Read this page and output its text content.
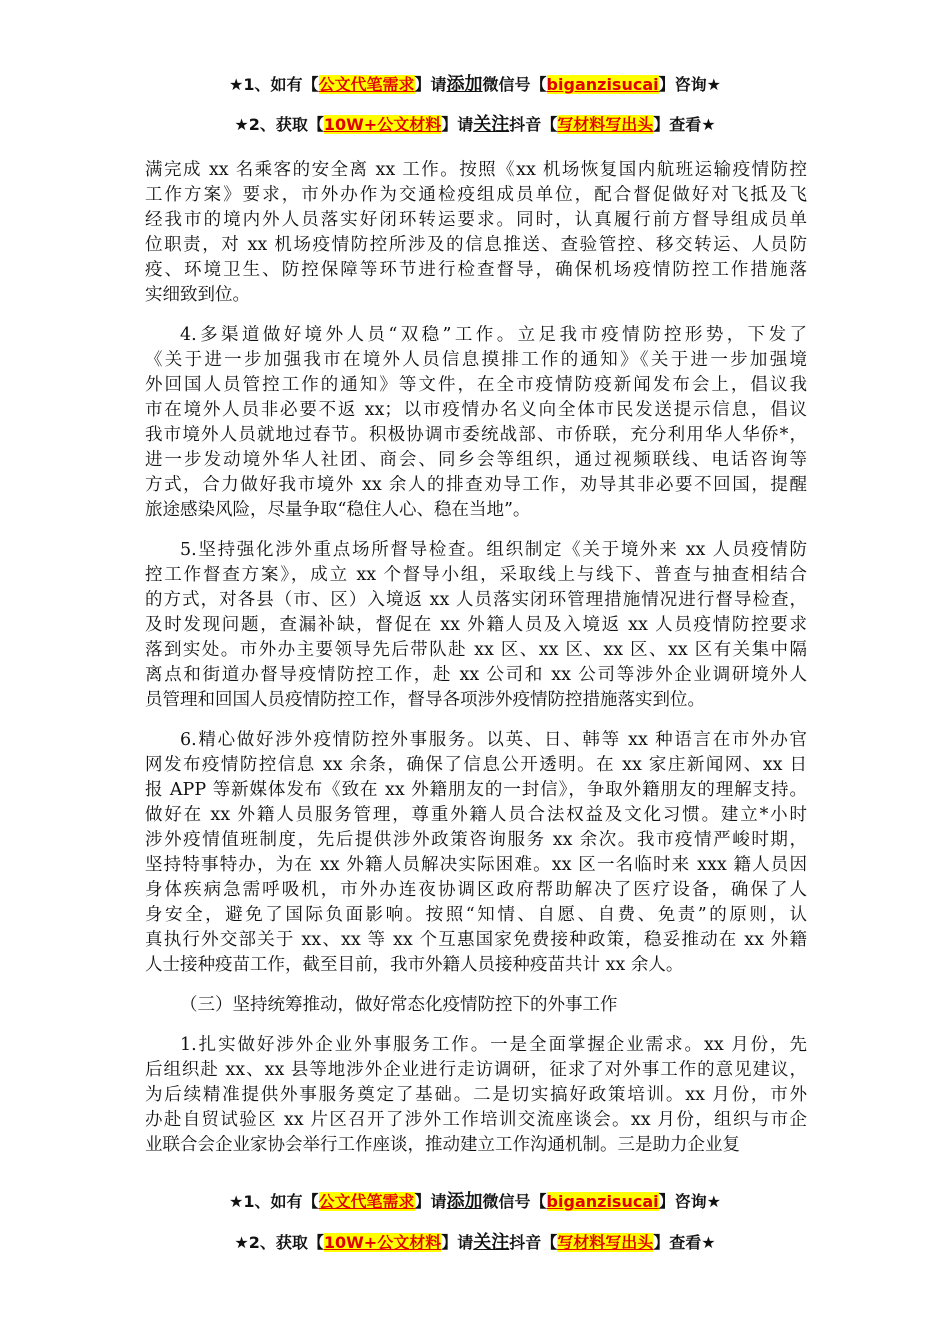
★1、如有【公文代笔需求】请添加微信号【biganzisucai】咨询★
★2、获取【10W+公文材料】请关注抖音【写材料写出头】查看★
满完成 xx 名乘客的安全离 xx 工作。按照《xx 机场恢复国内航班运输疫情防控
工作方案》要求，市外办作为交通检疫组成员单位，配合督促做好对飞抵及飞
经我市的境内外人员落实好闭环转运要求。同时，认真履行前方督导组成员单
位职责，对 xx 机场疫情防控所涉及的信息推送、查验管控、移交转运、人员防
疫、环境卫生、防控保障等环节进行检查督导，确保机场疫情防控工作措施落
实细致到位。
4.多渠道做好境外人员“双稳”工作。立足我市疫情防控形势，下发了
《关于进一步加强我市在境外人员信息摸排工作的通知》《关于进一步加强境
外回国人员管控工作的通知》等文件，在全市疫情防疫新闻发布会上，倡议我
市在境外人员非必要不返 xx；以市疫情办名义向全体市民发送提示信息，倡议
我市境外人员就地过春节。积极协调市委统战部、市侨联，充分利用华人华侨*，
进一步发动境外华人社团、商会、同乡会等组织，通过视频联线、电话咨询等
方式，合力做好我市境外 xx 余人的排查劝导工作，劝导其非必要不回国，提醒
旅途感染风险，尽量争取“稳住人心、稳在当地”。
5.坚持强化涉外重点场所督导检查。组织制定《关于境外来 xx 人员疫情防
控工作督查方案》，成立 xx 个督导小组，采取线上与线下、普查与抽查相结合
的方式，对各县（市、区）入境返 xx 人员落实闭环管理措施情况进行督导检查，
及时发现问题，查漏补缺，督促在 xx 外籍人员及入境返 xx 人员疫情防控要求
落到实处。市外办主要领导先后带队赴 xx 区、xx 区、xx 区、xx 区有关集中隔
离点和街道办督导疫情防控工作，赴 xx 公司和 xx 公司等涉外企业调研境外人
员管理和回国人员疫情防控工作，督导各项涉外疫情防控措施落实到位。
6.精心做好涉外疫情防控外事服务。以英、日、韩等 xx 种语言在市外办官
网发布疫情防控信息 xx 余条，确保了信息公开透明。在 xx 家庄新闻网、xx 日
报 APP 等新媒体发布《致在 xx 外籍朋友的一封信》，争取外籍朋友的理解支持。
做好在 xx 外籍人员服务管理，尊重外籍人员合法权益及文化习惯。建立*小时
涉外疫情值班制度，先后提供涉外政策咨询服务 xx 余次。我市疫情严峻时期，
坚持特事特办，为在 xx 外籍人员解决实际困难。xx 区一名临时来 xxx 籍人员因
身体疾病急需呼吸机，市外办连夜协调区政府帮助解决了医疗设备，确保了人
身安全，避免了国际负面影响。按照“知情、自愿、自费、免责”的原则，认
真执行外交部关于 xx、xx 等 xx 个互惠国家免费接种政策，稳妥推动在 xx 外籍
人士接种疫苗工作，截至目前，我市外籍人员接种疫苗共计 xx 余人。
（三）坚持统筹推动，做好常态化疫情防控下的外事工作
1.扎实做好涉外企业外事服务工作。一是全面掌握企业需求。xx 月份，先
后组织赴 xx、xx 县等地涉外企业进行走访调研，征求了对外事工作的意见建议，
为后续精准提供外事服务奠定了基础。二是切实搞好政策培训。xx 月份，市外
办赴自贸试验区 xx 片区召开了涉外工作培训交流座谈会。xx 月份，组织与市企
业联合会企业家协会举行工作座谈，推动建立工作沟通机制。三是助力企业复
★1、如有【公文代笔需求】请添加微信号【biganzisucai】咨询★
★2、获取【10W+公文材料】请关注抖音【写材料写出头】查看★
